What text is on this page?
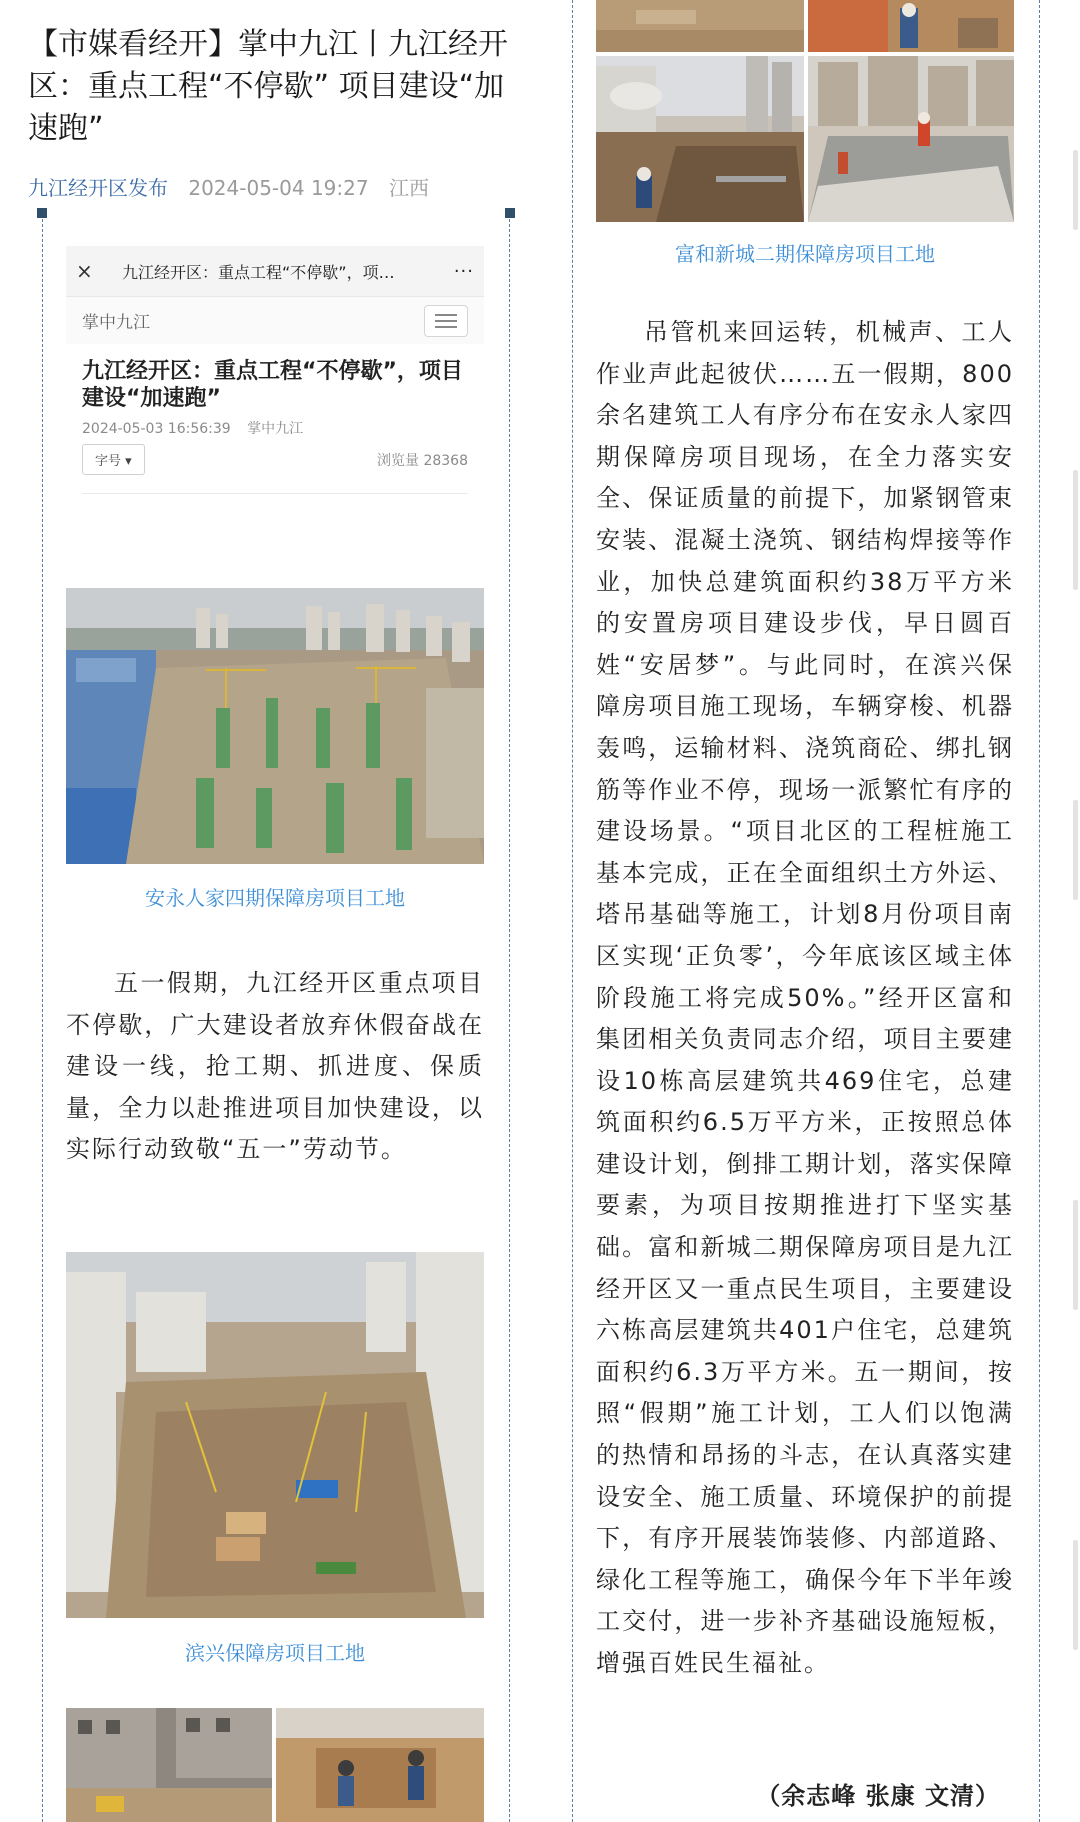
【市媒看经开】掌中九江丨九江经开区：重点工程“不停歇” 项目建设“加速跑”
九江经开区发布 2024-05-04 19:27 江西
×	九江经开区：重点工程“不停歇”，项…	···
掌中九江
九江经开区：重点工程“不停歇”，项目建设“加速跑”
2024-05-03 16:56:39 掌中九江
字号 ▾	浏览量 28368
安永人家四期保障房项目工地

五一假期，九江经开区重点项目不停歇，广大建设者放弃休假奋战在建设一线，抢工期、抓进度、保质量，全力以赴推进项目加快建设，以实际行动致敬“五一”劳动节。

滨兴保障房项目工地
富和新城二期保障房项目工地

吊管机来回运转，机械声、工人作业声此起彼伏……五一假期，800余名建筑工人有序分布在安永人家四期保障房项目现场，在全力落实安全、保证质量的前提下，加紧钢管束安装、混凝土浇筑、钢结构焊接等作业，加快总建筑面积约38万平方米的安置房项目建设步伐，早日圆百姓“安居梦”。与此同时，在滨兴保障房项目施工现场，车辆穿梭、机器轰鸣，运输材料、浇筑商砼、绑扎钢筋等作业不停，现场一派繁忙有序的建设场景。“项目北区的工程桩施工基本完成，正在全面组织土方外运、塔吊基础等施工，计划8月份项目南区实现‘正负零’，今年底该区域主体阶段施工将完成50%。”经开区富和集团相关负责同志介绍，项目主要建设10栋高层建筑共469住宅，总建筑面积约6.5万平方米，正按照总体建设计划，倒排工期计划，落实保障要素，为项目按期推进打下坚实基础。富和新城二期保障房项目是九江经开区又一重点民生项目，主要建设六栋高层建筑共401户住宅，总建筑面积约6.3万平方米。五一期间，按照“假期”施工计划，工人们以饱满的热情和昂扬的斗志，在认真落实建设安全、施工质量、环境保护的前提下，有序开展装饰装修、内部道路、绿化工程等施工，确保今年下半年竣工交付，进一步补齐基础设施短板，增强百姓民生福祉。

（余志峰 张康 文清）
